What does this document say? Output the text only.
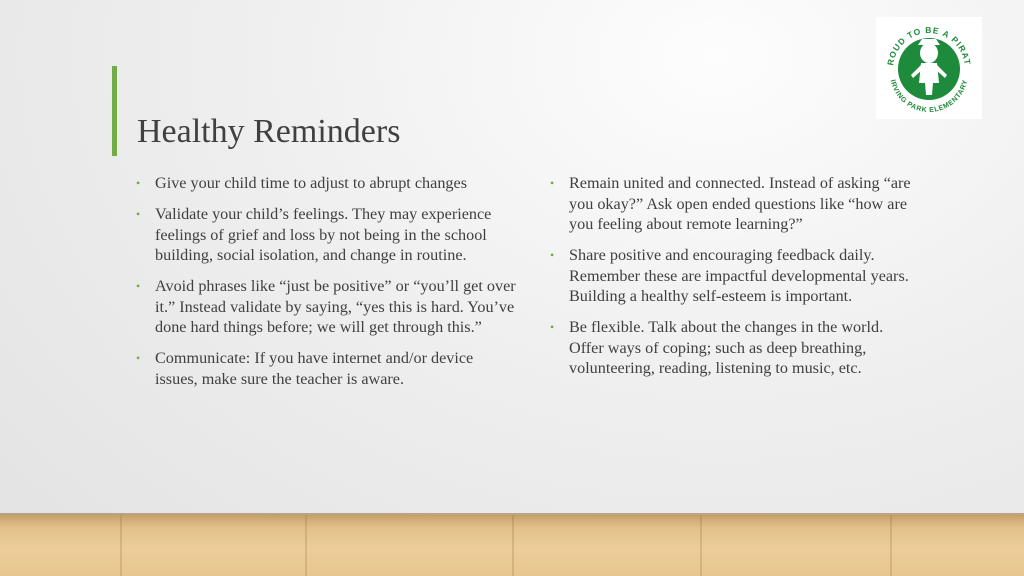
Healthy Reminders
ROUD TO BE A PIRAT
IRVING PARK ELEMENTARY
• Give your child time to adjust to abrupt changes
• Validate your child’s feelings. They may experience feelings of grief and loss by not being in the school building, social isolation, and change in routine.
• Avoid phrases like “just be positive” or “you’ll get over it.” Instead validate by saying, “yes this is hard. You’ve done hard things before; we will get through this.”
• Communicate: If you have internet and/or device issues, make sure the teacher is aware.
• Remain united and connected. Instead of asking “are you okay?” Ask open ended questions like “how are you feeling about remote learning?”
• Share positive and encouraging feedback daily. Remember these are impactful developmental years. Building a healthy self-esteem is important.
• Be flexible. Talk about the changes in the world. Offer ways of coping; such as deep breathing, volunteering, reading, listening to music, etc.
